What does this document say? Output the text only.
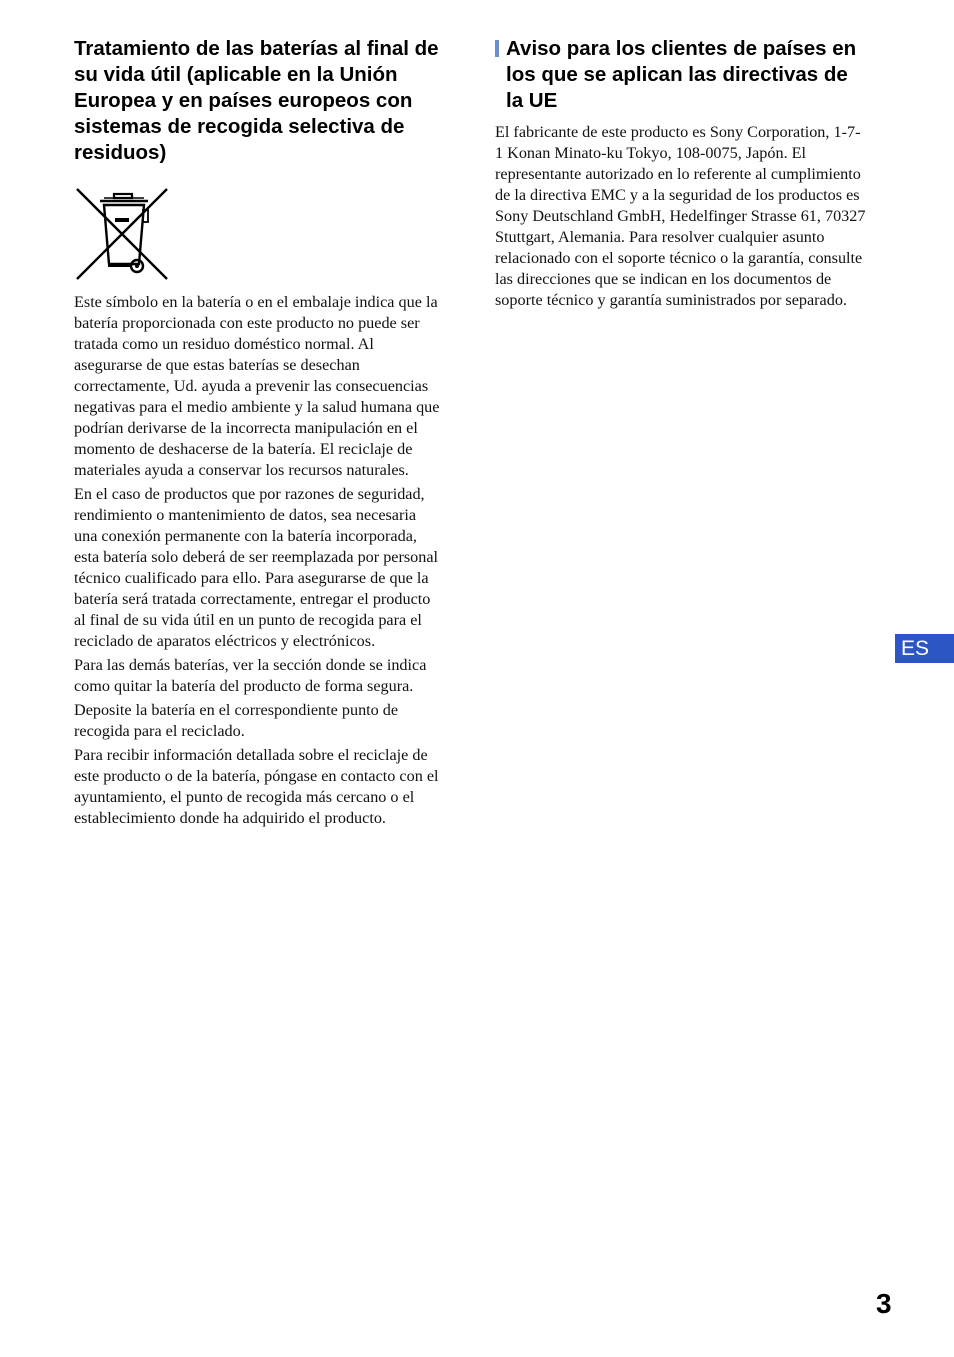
Tratamiento de las baterías al final de su vida útil (aplicable en la Unión Europea y en países europeos con sistemas de recogida selectiva de residuos)

Este símbolo en la batería o en el embalaje indica que la batería proporcionada con este producto no puede ser tratada como un residuo doméstico normal. Al asegurarse de que estas baterías se desechan correctamente, Ud. ayuda a prevenir las consecuencias negativas para el medio ambiente y la salud humana que podrían derivarse de la incorrecta manipulación en el momento de deshacerse de la batería. El reciclaje de materiales ayuda a conservar los recursos naturales.

En el caso de productos que por razones de seguridad, rendimiento o mantenimiento de datos, sea necesaria una conexión permanente con la batería incorporada, esta batería solo deberá de ser reemplazada por personal técnico cualificado para ello. Para asegurarse de que la batería será tratada correctamente, entregar el producto al final de su vida útil en un punto de recogida para el reciclado de aparatos eléctricos y electrónicos.

Para las demás baterías, ver la sección donde se indica como quitar la batería del producto de forma segura.

Deposite la batería en el correspondiente punto de recogida para el reciclado.

Para recibir información detallada sobre el reciclaje de este producto o de la batería, póngase en contacto con el ayuntamiento, el punto de recogida más cercano o el establecimiento donde ha adquirido el producto.

Aviso para los clientes de países en los que se aplican las directivas de la UE

El fabricante de este producto es Sony Corporation, 1-7-1 Konan Minato-ku Tokyo, 108-0075, Japón. El representante autorizado en lo referente al cumplimiento de la directiva EMC y a la seguridad de los productos es Sony Deutschland GmbH, Hedelfinger Strasse 61, 70327 Stuttgart, Alemania. Para resolver cualquier asunto relacionado con el soporte técnico o la garantía, consulte las direcciones que se indican en los documentos de soporte técnico y garantía suministrados por separado.

ES
3
